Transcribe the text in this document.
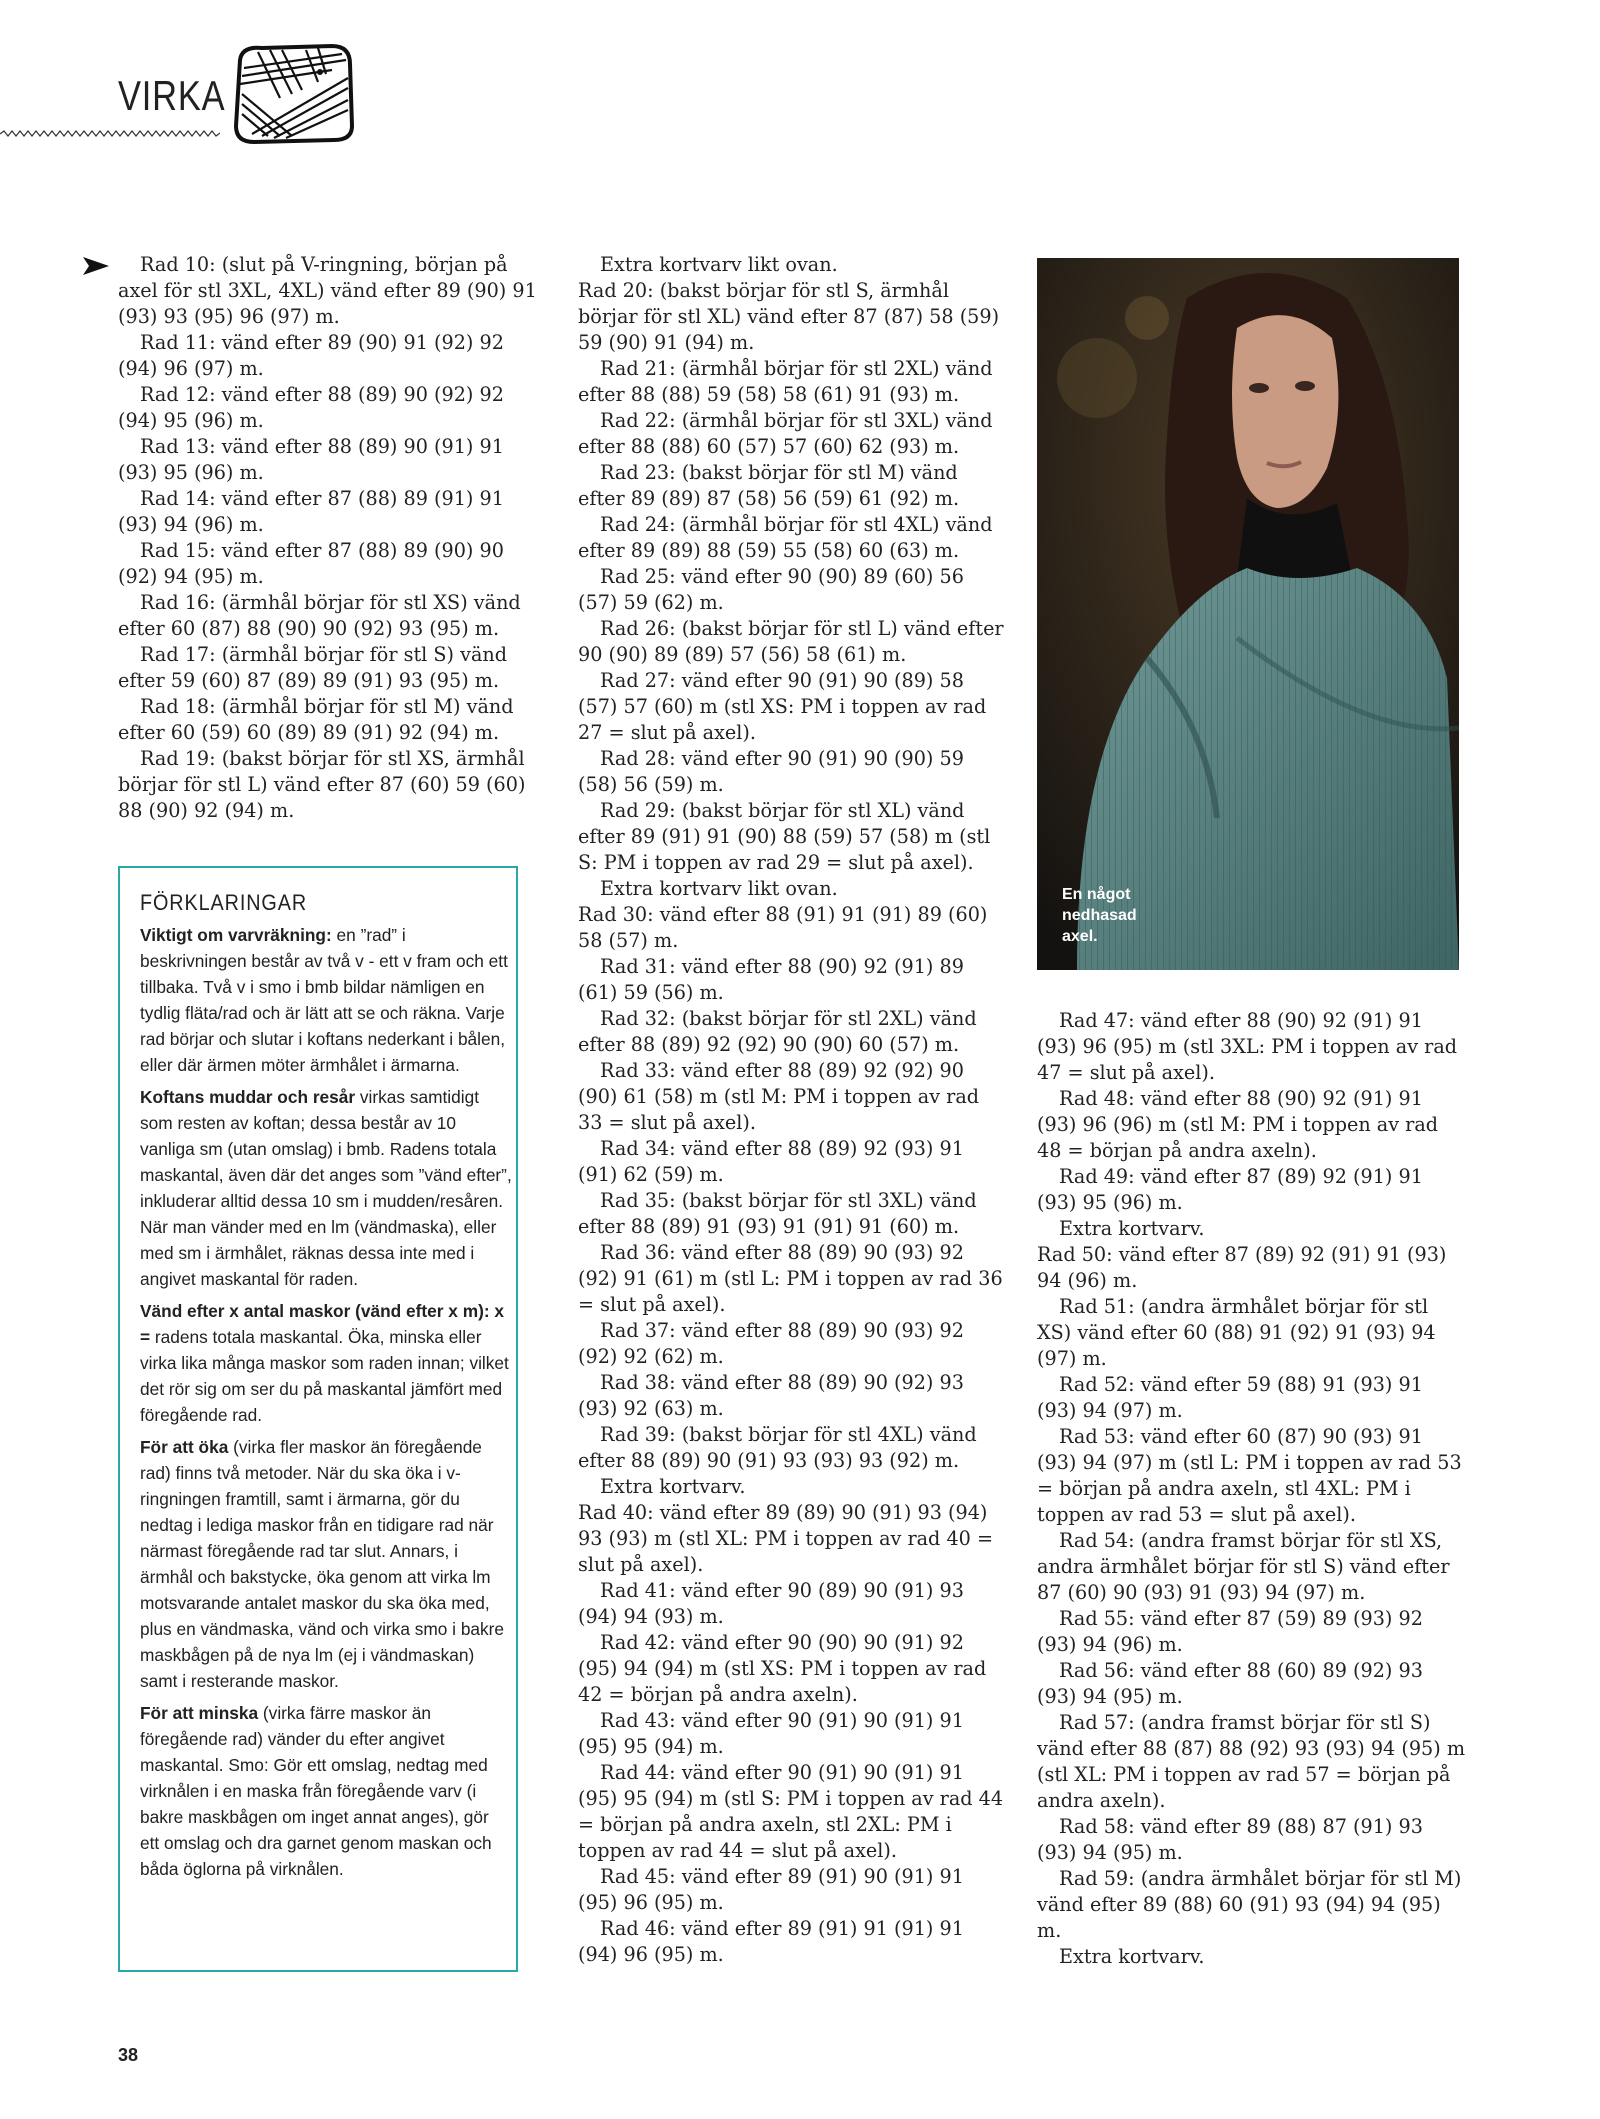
VIRKA

Rad 10: (slut på V-ringning, början på axel för stl 3XL, 4XL) vänd efter 89 (90) 91 (93) 93 (95) 96 (97) m.

Rad 11: vänd efter 89 (90) 91 (92) 92 (94) 96 (97) m.

Rad 12: vänd efter 88 (89) 90 (92) 92 (94) 95 (96) m.

Rad 13: vänd efter 88 (89) 90 (91) 91 (93) 95 (96) m.

Rad 14: vänd efter 87 (88) 89 (91) 91 (93) 94 (96) m.

Rad 15: vänd efter 87 (88) 89 (90) 90 (92) 94 (95) m.

Rad 16: (ärmhål börjar för stl XS) vänd efter 60 (87) 88 (90) 90 (92) 93 (95) m.

Rad 17: (ärmhål börjar för stl S) vänd efter 59 (60) 87 (89) 89 (91) 93 (95) m.

Rad 18: (ärmhål börjar för stl M) vänd efter 60 (59) 60 (89) 89 (91) 92 (94) m.

Rad 19: (bakst börjar för stl XS, ärmhål börjar för stl L) vänd efter 87 (60) 59 (60) 88 (90) 92 (94) m.

FÖRKLARINGAR

Viktigt om varvräkning: en ”rad” i beskrivningen består av två v - ett v fram och ett tillbaka. Två v i smo i bmb bildar nämligen en tydlig fläta/rad och är lätt att se och räkna. Varje rad börjar och slutar i koftans nederkant i bålen, eller där ärmen möter ärmhålet i ärmarna.

Koftans muddar och resår virkas samtidigt som resten av koftan; dessa består av 10 vanliga sm (utan omslag) i bmb. Radens totala maskantal, även där det anges som ”vänd efter”, inkluderar alltid dessa 10 sm i mudden/resåren. När man vänder med en lm (vändmaska), eller med sm i ärmhålet, räknas dessa inte med i angivet maskantal för raden.

Vänd efter x antal maskor (vänd efter x m): x = radens totala maskantal. Öka, minska eller virka lika många maskor som raden innan; vilket det rör sig om ser du på maskantal jämfört med föregående rad.

För att öka (virka fler maskor än föregående rad) finns två metoder. När du ska öka i v-ringningen framtill, samt i ärmarna, gör du nedtag i lediga maskor från en tidigare rad när närmast föregående rad tar slut. Annars, i ärmhål och bakstycke, öka genom att virka lm motsvarande antalet maskor du ska öka med, plus en vändmaska, vänd och virka smo i bakre maskbågen på de nya lm (ej i vändmaskan) samt i resterande maskor.

För att minska (virka färre maskor än föregående rad) vänder du efter angivet maskantal. Smo: Gör ett omslag, nedtag med virknålen i en maska från föregående varv (i bakre maskbågen om inget annat anges), gör ett omslag och dra garnet genom maskan och båda öglorna på virknålen.

Extra kortvarv likt ovan.

Rad 20: (bakst börjar för stl S, ärmhål börjar för stl XL) vänd efter 87 (87) 58 (59) 59 (90) 91 (94) m.

Rad 21: (ärmhål börjar för stl 2XL) vänd efter 88 (88) 59 (58) 58 (61) 91 (93) m.

Rad 22: (ärmhål börjar för stl 3XL) vänd efter 88 (88) 60 (57) 57 (60) 62 (93) m.

Rad 23: (bakst börjar för stl M) vänd efter 89 (89) 87 (58) 56 (59) 61 (92) m.

Rad 24: (ärmhål börjar för stl 4XL) vänd efter 89 (89) 88 (59) 55 (58) 60 (63) m.

Rad 25: vänd efter 90 (90) 89 (60) 56 (57) 59 (62) m.

Rad 26: (bakst börjar för stl L) vänd efter 90 (90) 89 (89) 57 (56) 58 (61) m.

Rad 27: vänd efter 90 (91) 90 (89) 58 (57) 57 (60) m (stl XS: PM i toppen av rad 27 = slut på axel).

Rad 28: vänd efter 90 (91) 90 (90) 59 (58) 56 (59) m.

Rad 29: (bakst börjar för stl XL) vänd efter 89 (91) 91 (90) 88 (59) 57 (58) m (stl S: PM i toppen av rad 29 = slut på axel).

Extra kortvarv likt ovan.

Rad 30: vänd efter 88 (91) 91 (91) 89 (60) 58 (57) m.

Rad 31: vänd efter 88 (90) 92 (91) 89 (61) 59 (56) m.

Rad 32: (bakst börjar för stl 2XL) vänd efter 88 (89) 92 (92) 90 (90) 60 (57) m.

Rad 33: vänd efter 88 (89) 92 (92) 90 (90) 61 (58) m (stl M: PM i toppen av rad 33 = slut på axel).

Rad 34: vänd efter 88 (89) 92 (93) 91 (91) 62 (59) m.

Rad 35: (bakst börjar för stl 3XL) vänd efter 88 (89) 91 (93) 91 (91) 91 (60) m.

Rad 36: vänd efter 88 (89) 90 (93) 92 (92) 91 (61) m (stl L: PM i toppen av rad 36 = slut på axel).

Rad 37: vänd efter 88 (89) 90 (93) 92 (92) 92 (62) m.

Rad 38: vänd efter 88 (89) 90 (92) 93 (93) 92 (63) m.

Rad 39: (bakst börjar för stl 4XL) vänd efter 88 (89) 90 (91) 93 (93) 93 (92) m.

Extra kortvarv.

Rad 40: vänd efter 89 (89) 90 (91) 93 (94) 93 (93) m (stl XL: PM i toppen av rad 40 = slut på axel).

Rad 41: vänd efter 90 (89) 90 (91) 93 (94) 94 (93) m.

Rad 42: vänd efter 90 (90) 90 (91) 92 (95) 94 (94) m (stl XS: PM i toppen av rad 42 = början på andra axeln).

Rad 43: vänd efter 90 (91) 90 (91) 91 (95) 95 (94) m.

Rad 44: vänd efter 90 (91) 90 (91) 91 (95) 95 (94) m (stl S: PM i toppen av rad 44 = början på andra axeln, stl 2XL: PM i toppen av rad 44 = slut på axel).

Rad 45: vänd efter 89 (91) 90 (91) 91 (95) 96 (95) m.

Rad 46: vänd efter 89 (91) 91 (91) 91 (94) 96 (95) m.

En något
nedhasad
axel.

Rad 47: vänd efter 88 (90) 92 (91) 91 (93) 96 (95) m (stl 3XL: PM i toppen av rad 47 = slut på axel).

Rad 48: vänd efter 88 (90) 92 (91) 91 (93) 96 (96) m (stl M: PM i toppen av rad 48 = början på andra axeln).

Rad 49: vänd efter 87 (89) 92 (91) 91 (93) 95 (96) m.

Extra kortvarv.

Rad 50: vänd efter 87 (89) 92 (91) 91 (93) 94 (96) m.

Rad 51: (andra ärmhålet börjar för stl XS) vänd efter 60 (88) 91 (92) 91 (93) 94 (97) m.

Rad 52: vänd efter 59 (88) 91 (93) 91 (93) 94 (97) m.

Rad 53: vänd efter 60 (87) 90 (93) 91 (93) 94 (97) m (stl L: PM i toppen av rad 53 = början på andra axeln, stl 4XL: PM i toppen av rad 53 = slut på axel).

Rad 54: (andra framst börjar för stl XS, andra ärmhålet börjar för stl S) vänd efter 87 (60) 90 (93) 91 (93) 94 (97) m.

Rad 55: vänd efter 87 (59) 89 (93) 92 (93) 94 (96) m.

Rad 56: vänd efter 88 (60) 89 (92) 93 (93) 94 (95) m.

Rad 57: (andra framst börjar för stl S) vänd efter 88 (87) 88 (92) 93 (93) 94 (95) m (stl XL: PM i toppen av rad 57 = början på andra axeln).

Rad 58: vänd efter 89 (88) 87 (91) 93 (93) 94 (95) m.

Rad 59: (andra ärmhålet börjar för stl M) vänd efter 89 (88) 60 (91) 93 (94) 94 (95) m.

Extra kortvarv.

38
